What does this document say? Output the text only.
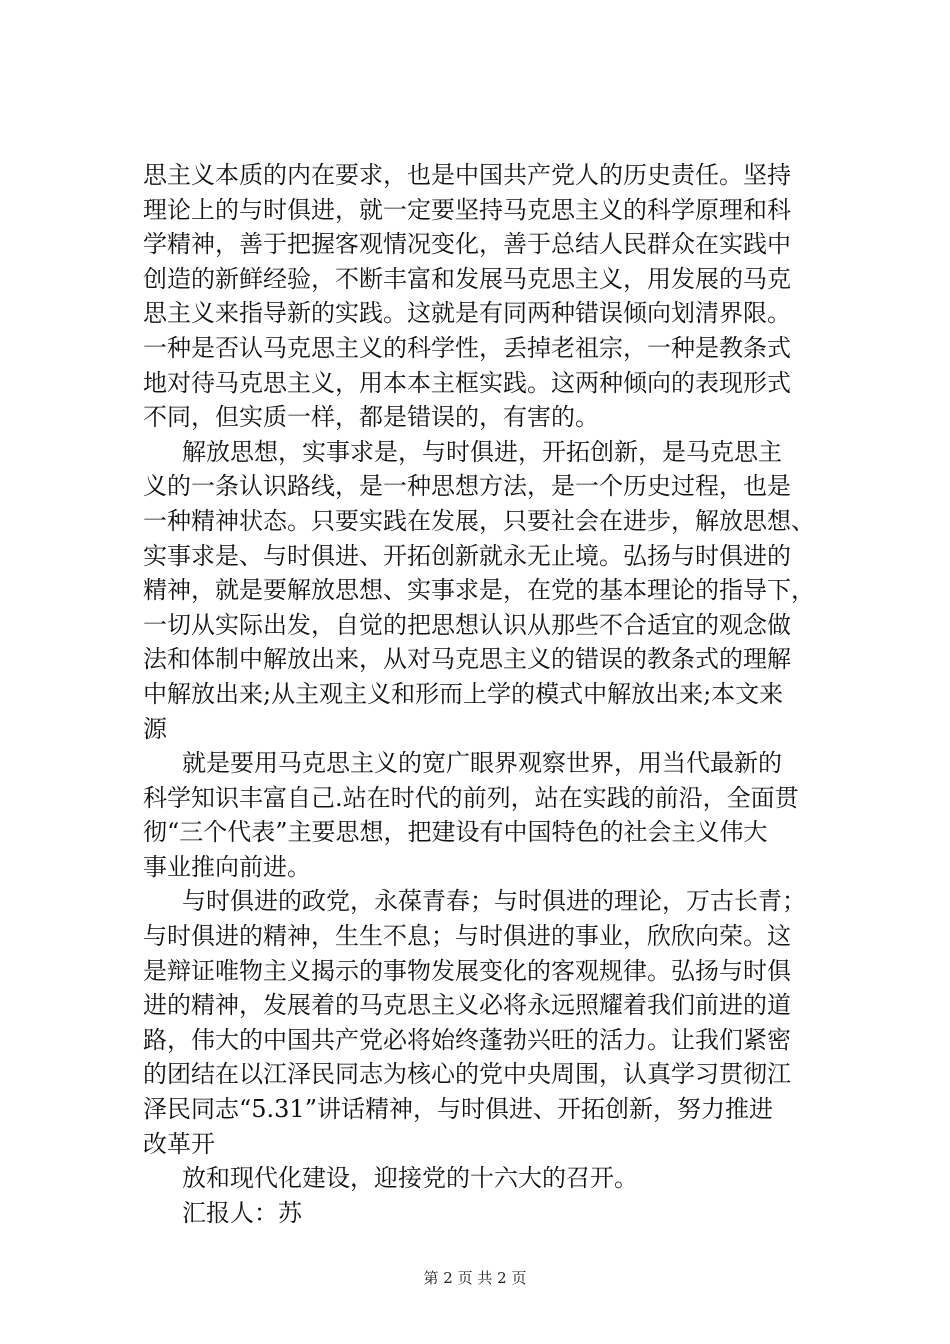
思主义本质的内在要求，也是中国共产党人的历史责任。坚持
理论上的与时俱进，就一定要坚持马克思主义的科学原理和科
学精神，善于把握客观情况变化，善于总结人民群众在实践中
创造的新鲜经验，不断丰富和发展马克思主义，用发展的马克
思主义来指导新的实践。这就是有同两种错误倾向划清界限。
一种是否认马克思主义的科学性，丢掉老祖宗，一种是教条式
地对待马克思主义，用本本主框实践。这两种倾向的表现形式
不同，但实质一样，都是错误的，有害的。
解放思想，实事求是，与时俱进，开拓创新，是马克思主
义的一条认识路线，是一种思想方法，是一个历史过程，也是
一种精神状态。只要实践在发展，只要社会在进步，解放思想、
实事求是、与时俱进、开拓创新就永无止境。弘扬与时俱进的
精神，就是要解放思想、实事求是，在党的基本理论的指导下，
一切从实际出发，自觉的把思想认识从那些不合适宜的观念做
法和体制中解放出来，从对马克思主义的错误的教条式的理解
中解放出来;从主观主义和形而上学的模式中解放出来;本文来
源
就是要用马克思主义的宽广眼界观察世界，用当代最新的
科学知识丰富自己.站在时代的前列，站在实践的前沿，全面贯
彻“三个代表”主要思想，把建设有中国特色的社会主义伟大
事业推向前进。
与时俱进的政党，永葆青春；与时俱进的理论，万古长青；
与时俱进的精神，生生不息；与时俱进的事业，欣欣向荣。这
是辩证唯物主义揭示的事物发展变化的客观规律。弘扬与时俱
进的精神，发展着的马克思主义必将永远照耀着我们前进的道
路，伟大的中国共产党必将始终蓬勃兴旺的活力。让我们紧密
的团结在以江泽民同志为核心的党中央周围，认真学习贯彻江
泽民同志“5.31”讲话精神，与时俱进、开拓创新，努力推进
改革开
放和现代化建设，迎接党的十六大的召开。
汇报人：苏
第 2 页 共 2 页
